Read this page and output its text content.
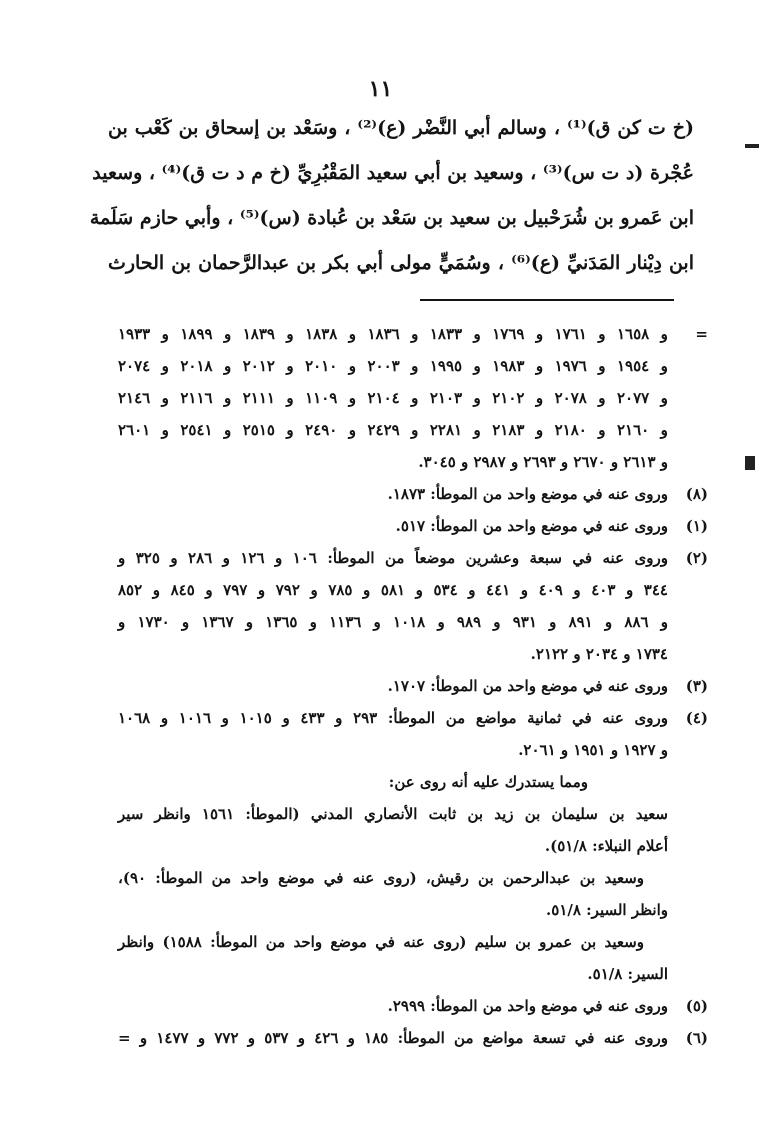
١١
(خ ت كن ق)⁽¹⁾ ، وسالم أبي النَّضْر (ع)⁽²⁾ ، وسَعْد بن إسحاق بن كَعْب بن
عُجْرة (د ت س)⁽³⁾ ، وسعيد بن أبي سعيد المَقْبُرِيِّ (خ م د ت ق)⁽⁴⁾ ، وسعيد
ابن عَمرو بن شُرَحْبيل بن سعيد بن سَعْد بن عُبادة (س)⁽⁵⁾ ، وأبي حازم سَلَمة
ابن دِيْنار المَدَنيِّ (ع)⁽⁶⁾ ، وسُمَيٍّ مولى أبي بكر بن عبدالرَّحمان بن الحارث
=
و ١٦٥٨ و ١٧٦١ و ١٧٦٩ و ١٨٣٣ و ١٨٣٦ و ١٨٣٨ و ١٨٣٩ و ١٨٩٩ و ١٩٣٣
و ١٩٥٤ و ١٩٧٦ و ١٩٨٣ و ١٩٩٥ و ٢٠٠٣ و ٢٠١٠ و ٢٠١٢ و ٢٠١٨ و ٢٠٧٤
و ٢٠٧٧ و ٢٠٧٨ و ٢١٠٢ و ٢١٠٣ و ٢١٠٤ و ١١٠٩ و ٢١١١ و ٢١١٦ و ٢١٤٦
و ٢١٦٠ و ٢١٨٠ و ٢١٨٣ و ٢٢٨١ و ٢٤٢٩ و ٢٤٩٠ و ٢٥١٥ و ٢٥٤١ و ٢٦٠١
و ٢٦١٣ و ٢٦٧٠ و ٢٦٩٣ و ٢٩٨٧ و ٣٠٤٥.
(٨)
وروى عنه في موضع واحد من الموطأ: ١٨٧٣.
(١)
وروى عنه في موضع واحد من الموطأ: ٥١٧.
(٢)
وروى عنه في سبعة وعشرين موضعاً من الموطأ: ١٠٦ و ١٢٦ و ٢٨٦ و ٣٢٥ و
٣٤٤ و ٤٠٣ و ٤٠٩ و ٤٤١ و ٥٣٤ و ٥٨١ و ٧٨٥ و ٧٩٢ و ٧٩٧ و ٨٤٥ و ٨٥٢
و ٨٨٦ و ٨٩١ و ٩٣١ و ٩٨٩ و ١٠١٨ و ١١٣٦ و ١٣٦٥ و ١٣٦٧ و ١٧٣٠ و
١٧٣٤ و ٢٠٣٤ و ٢١٢٢.
(٣)
وروى عنه في موضع واحد من الموطأ: ١٧٠٧.
(٤)
وروى عنه في ثمانية مواضع من الموطأ: ٢٩٣ و ٤٣٣ و ١٠١٥ و ١٠١٦ و ١٠٦٨
و ١٩٢٧ و ١٩٥١ و ٢٠٦١.
ومما يستدرك عليه أنه روى عن:
سعيد بن سليمان بن زيد بن ثابت الأنصاري المدني (الموطأ: ١٥٦١ وانظر سير
أعلام النبلاء: ٥١/٨).
وسعيد بن عبدالرحمن بن رقيش، (روى عنه في موضع واحد من الموطأ: ٩٠)،
وانظر السير: ٥١/٨.
وسعيد بن عمرو بن سليم (روى عنه في موضع واحد من الموطأ: ١٥٨٨) وانظر
السير: ٥١/٨.
(٥)
وروى عنه في موضع واحد من الموطأ: ٢٩٩٩.
(٦)
وروى عنه في تسعة مواضع من الموطأ: ١٨٥ و ٤٢٦ و ٥٣٧ و ٧٧٢ و ١٤٧٧ و =
